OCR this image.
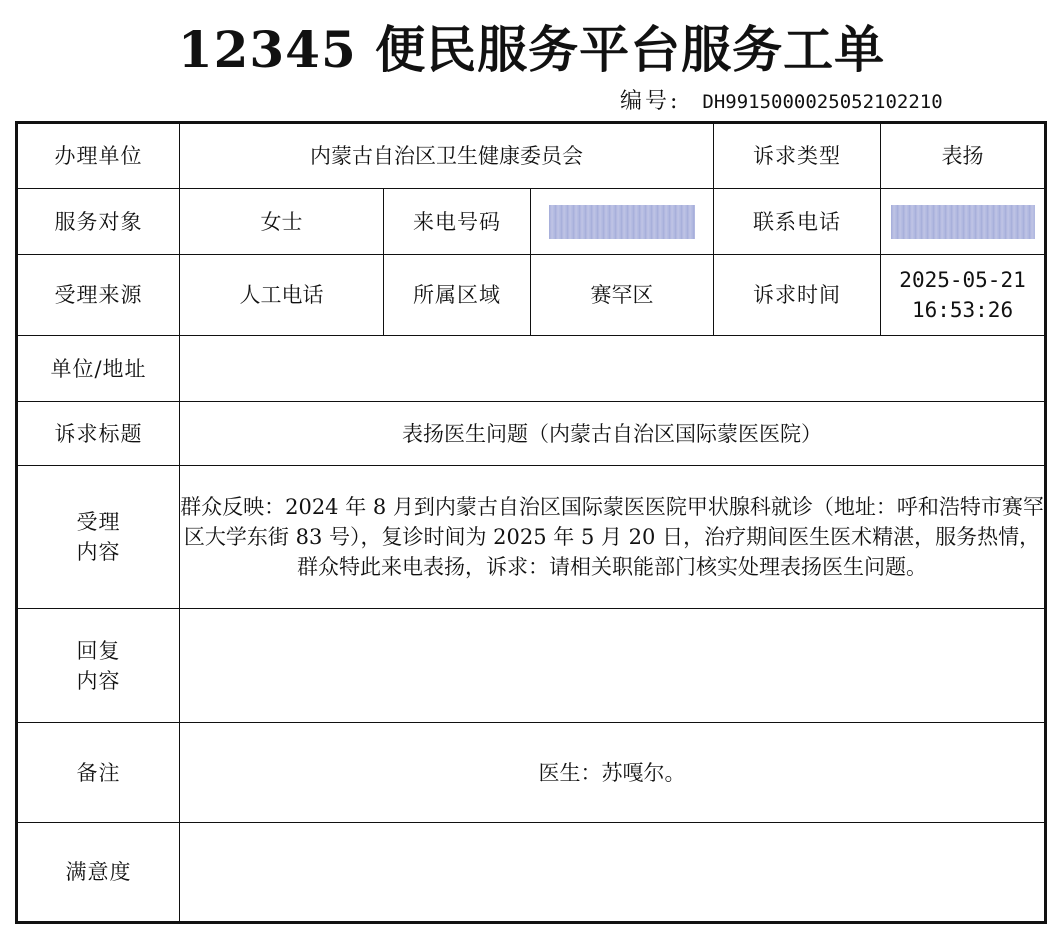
12345 便民服务平台服务工单
编号: DH9915000025052102210
办理单位	内蒙古自治区卫生健康委员会			诉求类型	表扬
服务对象	女士	来电号码		联系电话	
受理来源	人工电话	所属区域	赛罕区	诉求时间	2025-05-21
16:53:26

单位/地址					
诉求标题	表扬医生问题（内蒙古自治区国际蒙医医院）				

受理
内容	群众反映：2024 年 8 月到内蒙古自治区国际蒙医医院甲状腺科就诊（地址：呼和浩特市赛罕区大学东街 83 号），复诊时间为 2025 年 5 月 20 日，治疗期间医生医术精湛，服务热情，群众特此来电表扬，诉求：请相关职能部门核实处理表扬医生问题。				

回复
内容					

备注	医生：苏嘎尔。				
满意度					
